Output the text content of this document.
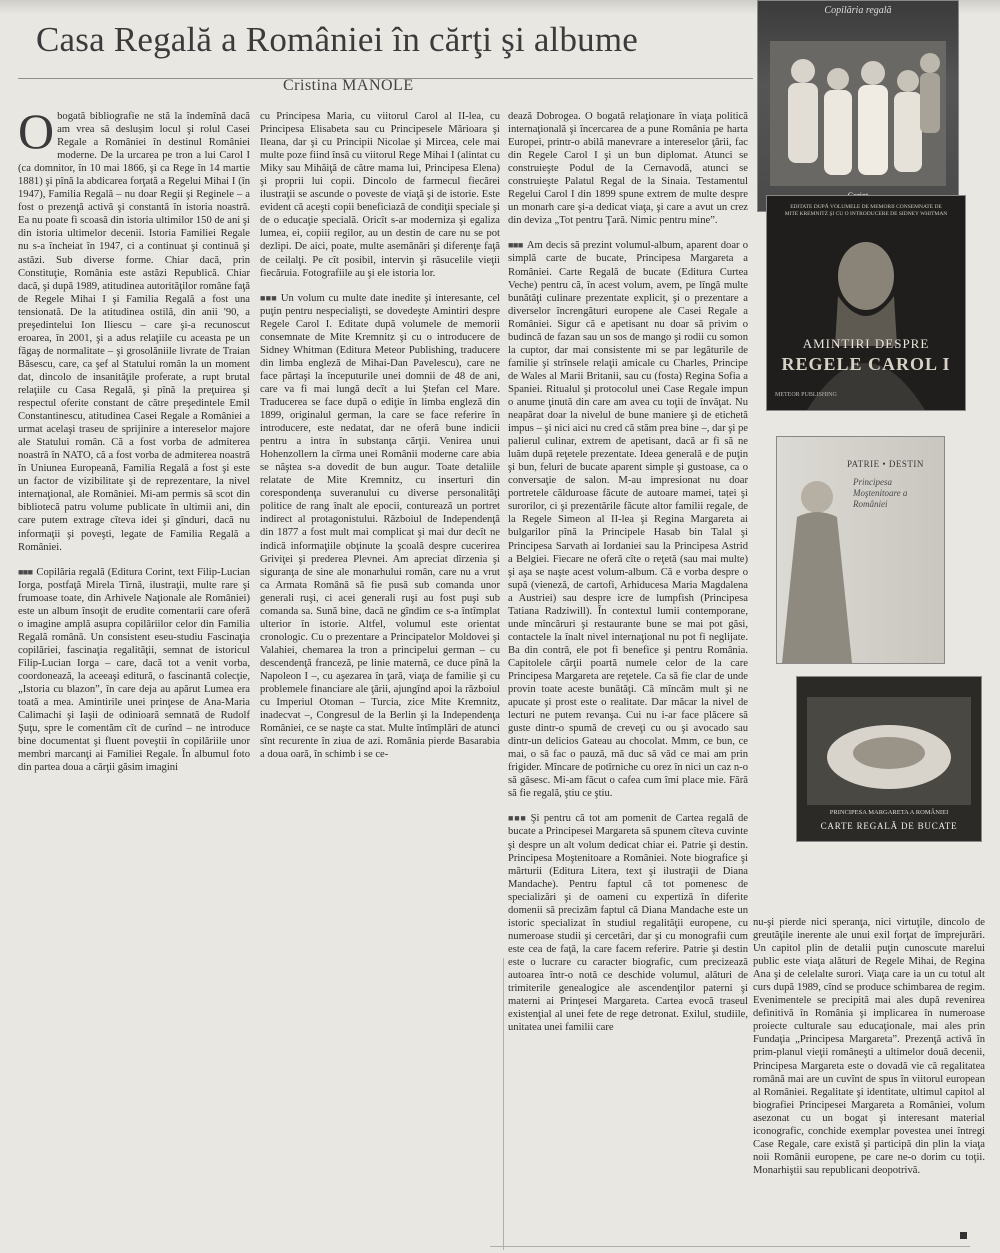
Casa Regală a României în cărţi şi albume
Cristina MANOLE

Obogată bibliografie ne stă la îndemînă dacă am vrea să deslușim locul şi rolul Casei Regale a României în destinul României moderne. De la urcarea pe tron a lui Carol I (ca domnitor, în 10 mai 1866, şi ca Rege în 14 martie 1881) şi pînă la abdicarea forţată a Regelui Mihai I (în 1947), Familia Regală – nu doar Regii şi Reginele – a fost o prezenţă activă şi constantă în istoria noastră. Ea nu poate fi scoasă din istoria ultimilor 150 de ani şi din istoria ultimelor decenii. Istoria Familiei Regale nu s-a încheiat în 1947, ci a continuat şi continuă şi astăzi. Sub diverse forme. Chiar dacă, prin Constituţie, România este astăzi Republică. Chiar dacă, şi după 1989, atitudinea autorităţilor române faţă de Regele Mihai I şi Familia Regală a fost una tensionată. De la atitudinea ostilă, din anii '90, a preşedintelui Ion Iliescu – care şi-a recunoscut eroarea, în 2001, şi a adus relaţiile cu aceasta pe un făgaş de normalitate – şi grosolăniile livrate de Traian Băsescu, care, ca şef al Statului român la un moment dat, dincolo de insanităţile proferate, a rupt brutal relaţiile cu Casa Regală, şi pînă la preţuirea şi respectul oferite constant de către preşedintele Emil Constantinescu, atitudinea Casei Regale a României a urmat acelaşi traseu de sprijinire a intereselor majore ale Statului român. Că a fost vorba de admiterea noastră în NATO, că a fost vorba de admiterea noastră în Uniunea Europeană, Familia Regală a fost şi este un factor de vizibilitate şi de reprezentare, la nivel internaţional, ale României. Mi-am permis să scot din bibliotecă patru volume publicate în ultimii ani, din care putem extrage cîteva idei şi gînduri, dacă nu informaţii şi poveşti, legate de Familia Regală a României.

■■■ Copilăria regală (Editura Corint, text Filip-Lucian Iorga, postfaţă Mirela Tîrnă, ilustraţii, multe rare şi frumoase toate, din Arhivele Naţionale ale României) este un album însoţit de erudite comentarii care oferă o imagine amplă asupra copilăriilor celor din Familia Regală română. Un consistent eseu-studiu Fascinaţia copilăriei, fascinaţia regalităţii, semnat de istoricul Filip-Lucian Iorga – care, dacă tot a venit vorba, coordonează, la aceeaşi editură, o fascinantă colecţie, „Istoria cu blazon”, în care deja au apărut Lumea era toată a mea. Amintirile unei prinţese de Ana-Maria Calimachi şi Iaşii de odinioară semnată de Rudolf Şuţu, spre le comentăm cît de curînd – ne introduce bine documentat şi fluent poveştii în copilăriile unor membri marcanţi ai Familiei Regale. În albumul foto din partea doua a cărţii găsim imagini

cu Principesa Maria, cu viitorul Carol al II-lea, cu Principesa Elisabeta sau cu Principesele Mărioara şi Ileana, dar şi cu Principii Nicolae şi Mircea, cele mai multe poze fiind însă cu viitorul Rege Mihai I (alintat cu Miky sau Mihăiţă de către mama lui, Principesa Elena) şi proprii lui copii. Dincolo de farmecul fiecărei ilustraţii se ascunde o poveste de viaţă şi de istorie. Este evident că aceşti copii beneficiază de condiţii speciale şi de o educaţie specială. Oricît s-ar moderniza şi egaliza lumea, ei, copiii regilor, au un destin de care nu se pot dezlipi. De aici, poate, multe asemănări şi diferenţe faţă de ceilalţi. Pe cît posibil, intervin şi răsucelile vieţii fiecăruia. Fotografiile au şi ele istoria lor.

■■■ Un volum cu multe date inedite şi interesante, cel puţin pentru nespecialişti, se dovedeşte Amintiri despre Regele Carol I. Editate după volumele de memorii consemnate de Mite Kremnitz şi cu o introducere de Sidney Whitman (Editura Meteor Publishing, traducere din limba engleză de Mihai-Dan Pavelescu), care ne face părtaşi la începuturile unei domnii de 48 de ani, care va fi mai lungă decît a lui Ştefan cel Mare. Traducerea se face după o ediţie în limba engleză din 1899, originalul german, la care se face referire în introducere, este nedatat, dar ne oferă bune indicii pentru a intra în substanţa cărţii. Venirea unui Hohenzollern la cîrma unei Românii moderne care abia se năştea s-a dovedit de bun augur. Toate detaliile relatate de Mite Kremnitz, cu inserturi din corespondenţa suveranului cu diverse personalităţi politice de rang înalt ale epocii, conturează un portret indirect al protagonistului. Războiul de Independenţă din 1877 a fost mult mai complicat şi mai dur decît ne indică informaţiile obţinute la şcoală despre cucerirea Griviţei şi prederea Plevnei. Am apreciat dîrzenia şi siguranţa de sine ale monarhului român, care nu a vrut ca Armata Română să fie pusă sub comanda unor generali ruşi, ci acei generali ruşi au fost puşi sub comanda sa. Sună bine, dacă ne gîndim ce s-a întîmplat ulterior în istorie. Altfel, volumul este orientat cronologic. Cu o prezentare a Principatelor Moldovei şi Valahiei, chemarea la tron a principelui german – cu descendenţă franceză, pe linie maternă, ce duce pînă la Napoleon I –, cu aşezarea în ţară, viaţa de familie şi cu problemele financiare ale ţării, ajungînd apoi la războiul cu Imperiul Otoman – Turcia, zice Mite Kremnitz, inadecvat –, Congresul de la Berlin şi la Independenţa României, ce se naşte ca stat. Multe întîmplări de atunci sînt recurente în ziua de azi. România pierde Basarabia a doua oară, în schimb i se ce-

dează Dobrogea. O bogată relaţionare în viaţa politică internaţională şi încercarea de a pune România pe harta Europei, printr-o abilă manevrare a intereselor ţării, fac din Regele Carol I şi un bun diplomat. Atunci se construieşte Podul de la Cernavodă, atunci se construieşte Palatul Regal de la Sinaia. Testamentul Regelui Carol I din 1899 spune extrem de multe despre un monarh care şi-a dedicat viaţa, şi care a avut un crez din deviza „Tot pentru Ţară. Nimic pentru mine”.

■■■ Am decis să prezint volumul-album, aparent doar o simplă carte de bucate, Principesa Margareta a României. Carte Regală de bucate (Editura Curtea Veche) pentru că, în acest volum, avem, pe lîngă multe bunătăţi culinare prezentate explicit, şi o prezentare a diverselor încrengături europene ale Casei Regale a României. Sigur că e apetisant nu doar să privim o budincă de fazan sau un sos de mango şi rodii cu somon la cuptor, dar mai consistente mi se par legăturile de familie şi strînsele relaţii amicale cu Charles, Principe de Wales al Marii Britanii, sau cu (fosta) Regina Sofia a Spaniei. Ritualul şi protocolul unei Case Regale impun o anume ţinută din care am avea cu toţii de învăţat. Nu neapărat doar la nivelul de bune maniere şi de etichetă impus – şi nici aici nu cred că stăm prea bine –, dar şi pe palierul culinar, extrem de apetisant, dacă ar fi să ne luăm după reţetele prezentate. Ideea generală e de puţin şi bun, feluri de bucate aparent simple şi gustoase, ca o conversaţie de salon. M-au impresionat nu doar portretele călduroase făcute de autoare mamei, taței şi surorilor, ci şi prezentările făcute altor familii regale, de la Regele Simeon al II-lea şi Regina Margareta ai bulgarilor pînă la Principele Hasab bin Talal şi Principesa Sarvath ai Iordaniei sau la Principesa Astrid a Belgiei. Fiecare ne oferă cîte o reţetă (sau mai multe) şi aşa se naşte acest volum-album. Că e vorba despre o supă (vieneză, de cartofi, Arhiducesa Maria Magdalena a Austriei) sau despre icre de lumpfish (Principesa Tatiana Radziwill). În contextul lumii contemporane, unde mîncăruri şi restaurante bune se mai pot găsi, contactele la înalt nivel internaţional nu pot fi neglijate. Ba din contră, ele pot fi benefice şi pentru România. Capitolele cărţii poartă numele celor de la care Principesa Margareta are reţetele. Ca să fie clar de unde provin toate aceste bunătăţi. Că mîncăm mult şi ne apucate şi prost este o realitate. Dar măcar la nivel de lecturi ne putem revanşa. Cui nu i-ar face plăcere să guste dintr-o spumă de creveţi cu ou şi avocado sau dintr-un delicios Gateau au chocolat. Mmm, ce bun, ce mai, o să fac o pauză, mă duc să văd ce mai am prin frigider. Mîncare de potîrniche cu orez în nici un caz n-o să găsesc. Mi-am făcut o cafea cum îmi place mie. Fără să fie regală, ştiu ce ştiu.

■■■ Şi pentru că tot am pomenit de Cartea regală de bucate a Principesei Margareta să spunem cîteva cuvinte şi despre un alt volum dedicat chiar ei. Patrie şi destin. Principesa Moştenitoare a României. Note biografice şi mărturii (Editura Litera, text şi ilustraţii de Diana Mandache). Pentru faptul că tot pomenesc de specializări şi de oameni cu expertiză în diferite domenii să precizăm faptul că Diana Mandache este un istoric specializat în studiul regalităţii europene, cu numeroase studii şi cercetări, dar şi cu monografii cum este cea de faţă, la care facem referire. Patrie şi destin este o lucrare cu caracter biografic, cum precizează autoarea într-o notă ce deschide volumul, alături de trimiterile genealogice ale ascendenţilor paterni şi materni ai Prinţesei Margareta. Cartea evocă traseul existenţial al unei fete de rege detronat. Exilul, studiile, unitatea unei familii care

nu-şi pierde nici speranţa, nici virtuţile, dincolo de greutăţile inerente ale unui exil forţat de împrejurări. Un capitol plin de detalii puţin cunoscute marelui public este viaţa alături de Regele Mihai, de Regina Ana şi de celelalte surori. Viaţa care ia un cu totul alt curs după 1989, cînd se produce schimbarea de regim. Evenimentele se precipită mai ales după revenirea definitivă în România şi implicarea în numeroase proiecte culturale sau educaţionale, mai ales prin Fundaţia „Principesa Margareta”. Prezenţă activă în prim-planul vieţii româneşti a ultimelor două decenii, Principesa Margareta este o dovadă vie că regalitatea română mai are un cuvînt de spus în viitorul european al României. Regalitate şi identitate, ultimul capitol al biografiei Principesei Margareta a României, volum asezonat cu un bogat şi interesant material iconografic, conchide exemplar povestea unei întregi Case Regale, care există şi participă din plin la viaţa noii Românii europene, pe care ne-o dorim cu toţii. Monarhiştii sau republicani deopotrivă.

Copilăria regală
EDITATE DUPĂ VOLUMELE DE MEMORII CONSEMNATE DE MITE KREMNITZ ŞI CU O INTRODUCERE DE SIDNEY WHITMAN
AMINTIRI DESPRE
REGELE CAROL I
METEOR PUBLISHING
PATRIE • DESTIN
Principesa Moştenitoare a României
PRINCIPESA MARGARETA A ROMÂNIEI
CARTE REGALĂ DE BUCATE
